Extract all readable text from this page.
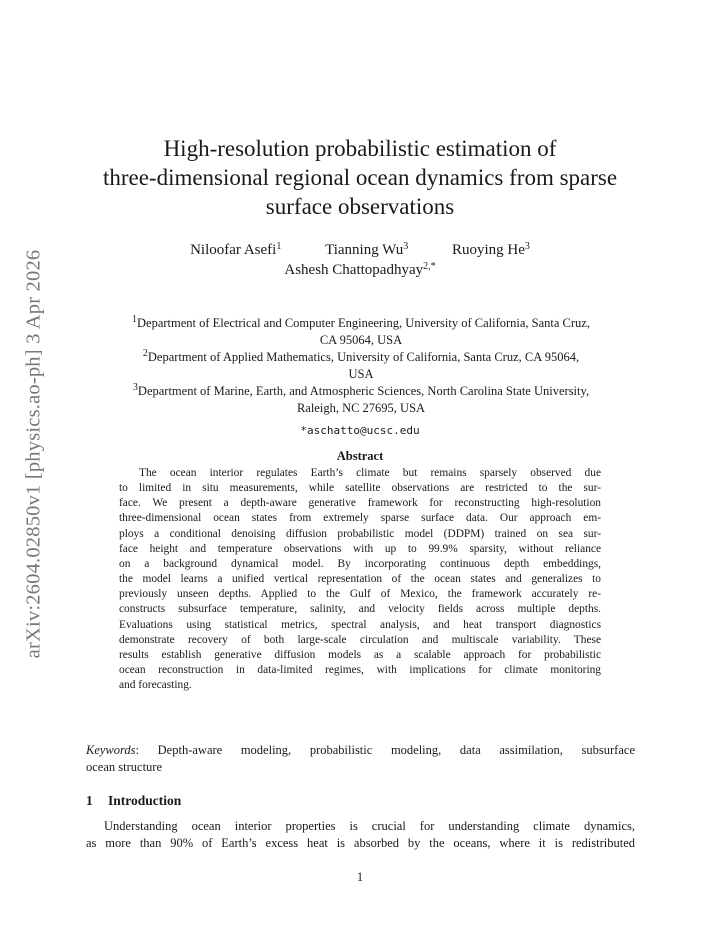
arXiv:2604.02850v1 [physics.ao-ph] 3 Apr 2026
High-resolution probabilistic estimation of
three-dimensional regional ocean dynamics from sparse
surface observations
Niloofar Asefi$^1$	Tianning Wu$^3$	Ruoying He$^3$
Ashesh Chattopadhyay$^{2,*}$
$^1$Department of Electrical and Computer Engineering, University of California, Santa Cruz,
CA 95064, USA
$^2$Department of Applied Mathematics, University of California, Santa Cruz, CA 95064,
USA
$^3$Department of Marine, Earth, and Atmospheric Sciences, North Carolina State University,
Raleigh, NC 27695, USA
*aschatto@ucsc.edu
Abstract
The ocean interior regulates Earth’s climate but remains sparsely observed due
to limited in situ measurements, while satellite observations are restricted to the sur-
face. We present a depth-aware generative framework for reconstructing high-resolution
three-dimensional ocean states from extremely sparse surface data. Our approach em-
ploys a conditional denoising diffusion probabilistic model (DDPM) trained on sea sur-
face height and temperature observations with up to 99.9% sparsity, without reliance
on a background dynamical model. By incorporating continuous depth embeddings,
the model learns a unified vertical representation of the ocean states and generalizes to
previously unseen depths. Applied to the Gulf of Mexico, the framework accurately re-
constructs subsurface temperature, salinity, and velocity fields across multiple depths.
Evaluations using statistical metrics, spectral analysis, and heat transport diagnostics
demonstrate recovery of both large-scale circulation and multiscale variability. These
results establish generative diffusion models as a scalable approach for probabilistic
ocean reconstruction in data-limited regimes, with implications for climate monitoring
and forecasting.
Keywords: Depth-aware modeling, probabilistic modeling, data assimilation, subsurface
ocean structure
1 Introduction
Understanding ocean interior properties is crucial for understanding climate dynamics,
as more than 90% of Earth’s excess heat is absorbed by the oceans, where it is redistributed
1
